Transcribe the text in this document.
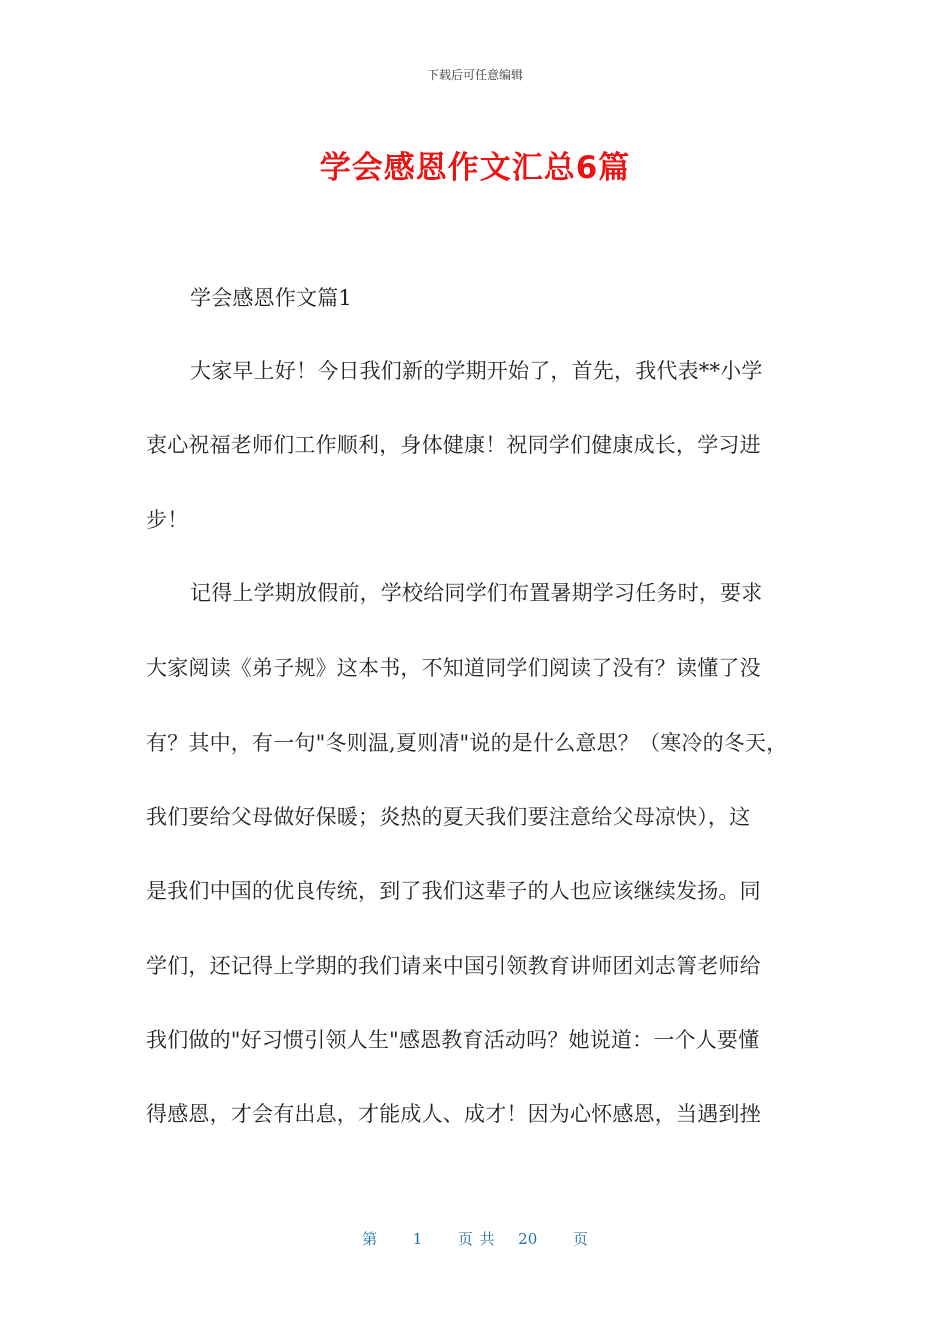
下载后可任意编辑
学会感恩作文汇总6篇
学会感恩作文篇1
大家早上好！今日我们新的学期开始了，首先，我代表**小学
衷心祝福老师们工作顺利，身体健康！祝同学们健康成长，学习进
步！
记得上学期放假前，学校给同学们布置暑期学习任务时，要求
大家阅读《弟子规》这本书，不知道同学们阅读了没有？读懂了没
有？其中，有一句"冬则温,夏则凊"说的是什么意思？（寒冷的冬天，
我们要给父母做好保暖；炎热的夏天我们要注意给父母凉快），这
是我们中国的优良传统，到了我们这辈子的人也应该继续发扬。同
学们，还记得上学期的我们请来中国引领教育讲师团刘志箐老师给
我们做的"好习惯引领人生"感恩教育活动吗？她说道：一个人要懂
得感恩，才会有出息，才能成人、成才！因为心怀感恩，当遇到挫
第 1 页 共 20 页
